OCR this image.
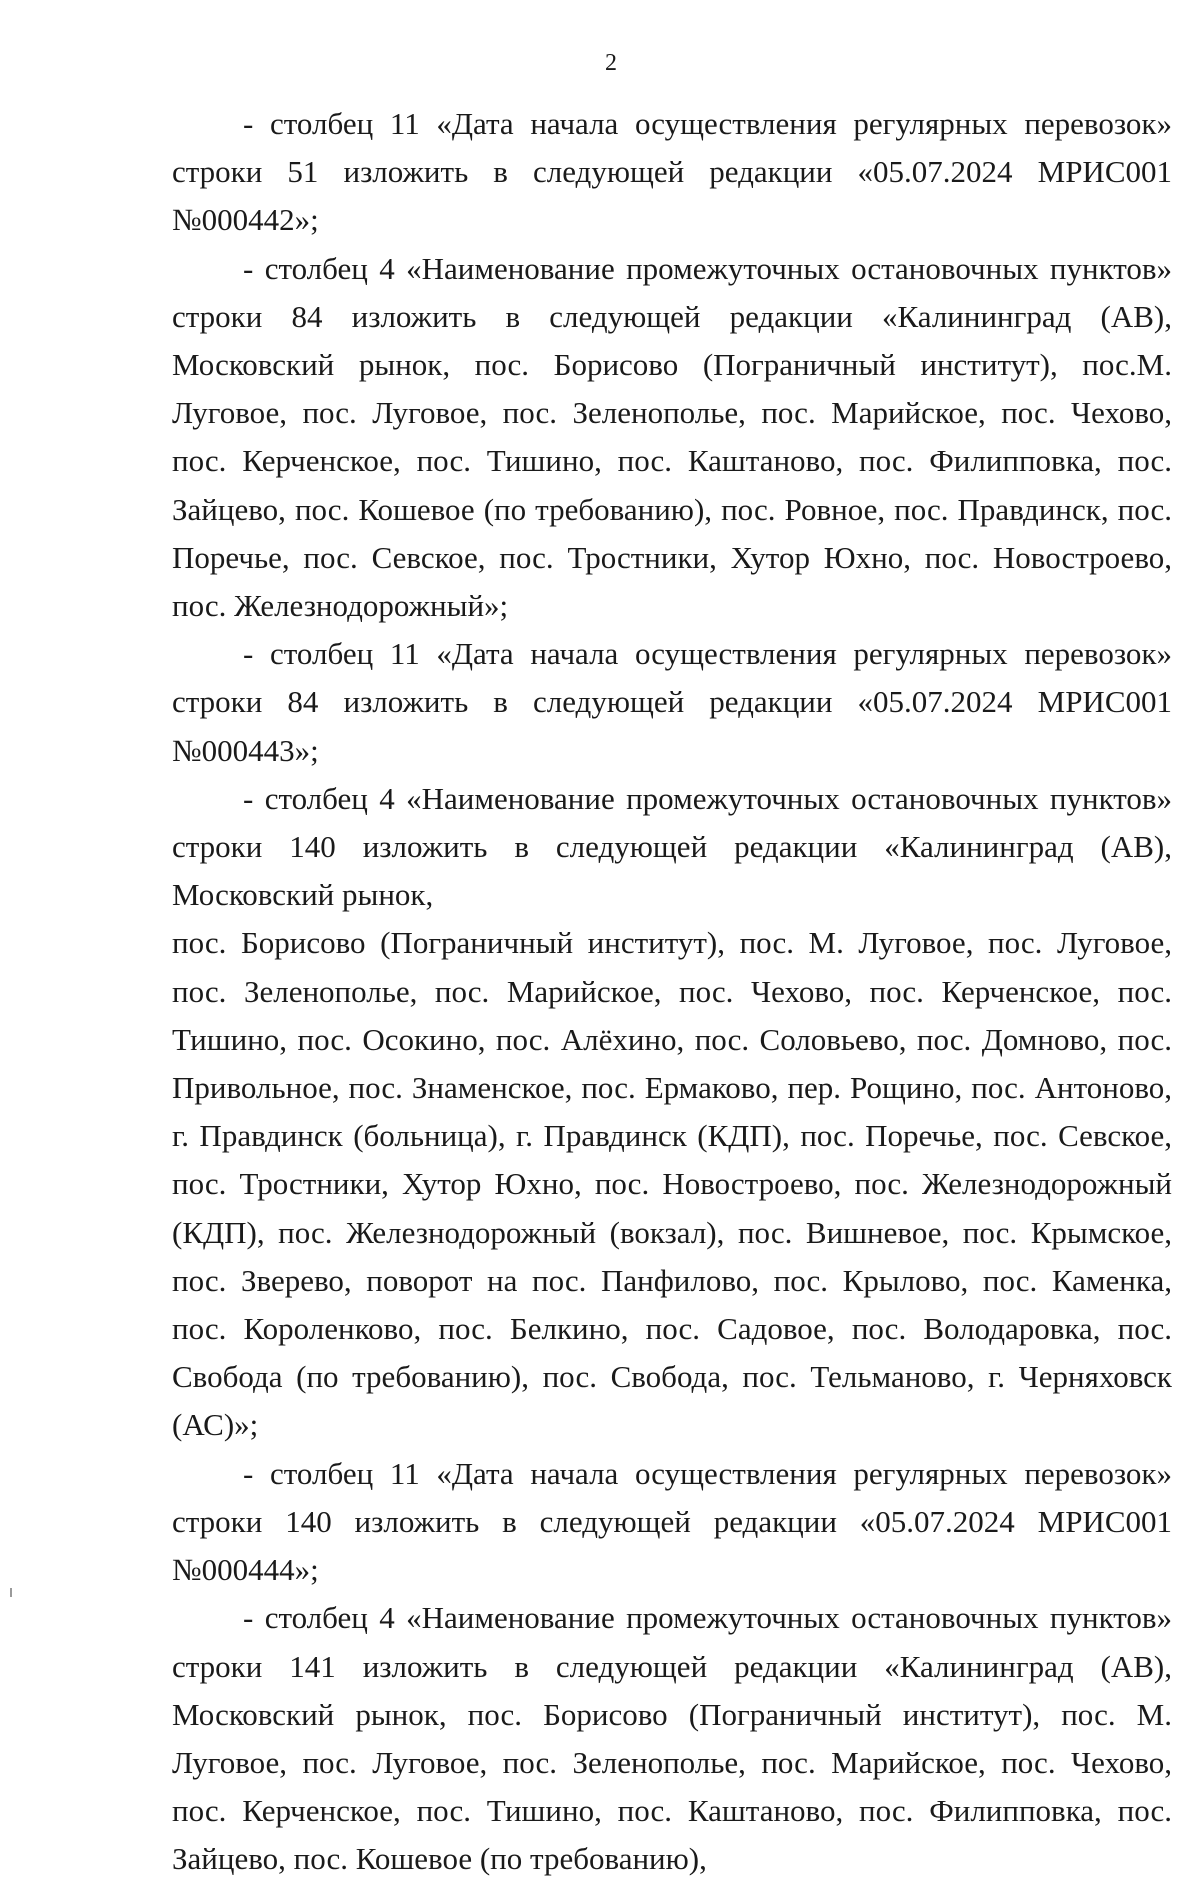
2

- столбец 11 «Дата начала осуществления регулярных перевозок» строки 51 изложить в следующей редакции «05.07.2024 МРИС001 №000442»;

- столбец 4 «Наименование промежуточных остановочных пунктов» строки 84 изложить в следующей редакции «Калининград (АВ), Московский рынок, пос. Борисово (Пограничный институт), пос.М. Луговое, пос. Луговое, пос. Зеленополье, пос. Марийское, пос. Чехово, пос. Керченское, пос. Тишино, пос. Каштаново, пос. Филипповка, пос. Зайцево, пос. Кошевое (по требованию), пос. Ровное, пос. Правдинск, пос. Поречье, пос. Севское, пос. Тростники, Хутор Юхно, пос. Новостроево, пос. Железнодорожный»;

- столбец 11 «Дата начала осуществления регулярных перевозок» строки 84 изложить в следующей редакции «05.07.2024 МРИС001 №000443»;

- столбец 4 «Наименование промежуточных остановочных пунктов» строки 140 изложить в следующей редакции «Калининград (АВ), Московский рынок,

пос. Борисово (Пограничный институт), пос. М. Луговое, пос. Луговое, пос. Зеленополье, пос. Марийское, пос. Чехово, пос. Керченское, пос. Тишино, пос. Осокино, пос. Алёхино, пос. Соловьево, пос. Домново, пос. Привольное, пос. Знаменское, пос. Ермаково, пер. Рощино, пос. Антоново, г. Правдинск (больница), г. Правдинск (КДП), пос. Поречье, пос. Севское, пос. Тростники, Хутор Юхно, пос. Новостроево, пос. Железнодорожный (КДП), пос. Железнодорожный (вокзал), пос. Вишневое, пос. Крымское, пос. Зверево, поворот на пос. Панфилово, пос. Крылово, пос. Каменка, пос. Короленково, пос. Белкино, пос. Садовое, пос. Володаровка, пос. Свобода (по требованию), пос. Свобода, пос. Тельманово, г. Черняховск (АС)»;

- столбец 11 «Дата начала осуществления регулярных перевозок» строки 140 изложить в следующей редакции «05.07.2024 МРИС001 №000444»;

- столбец 4 «Наименование промежуточных остановочных пунктов» строки 141 изложить в следующей редакции «Калининград (АВ), Московский рынок, пос. Борисово (Пограничный институт), пос. М. Луговое, пос. Луговое, пос. Зеленополье, пос. Марийское, пос. Чехово, пос. Керченское, пос. Тишино, пос. Каштаново, пос. Филипповка, пос. Зайцево, пос. Кошевое (по требованию),
